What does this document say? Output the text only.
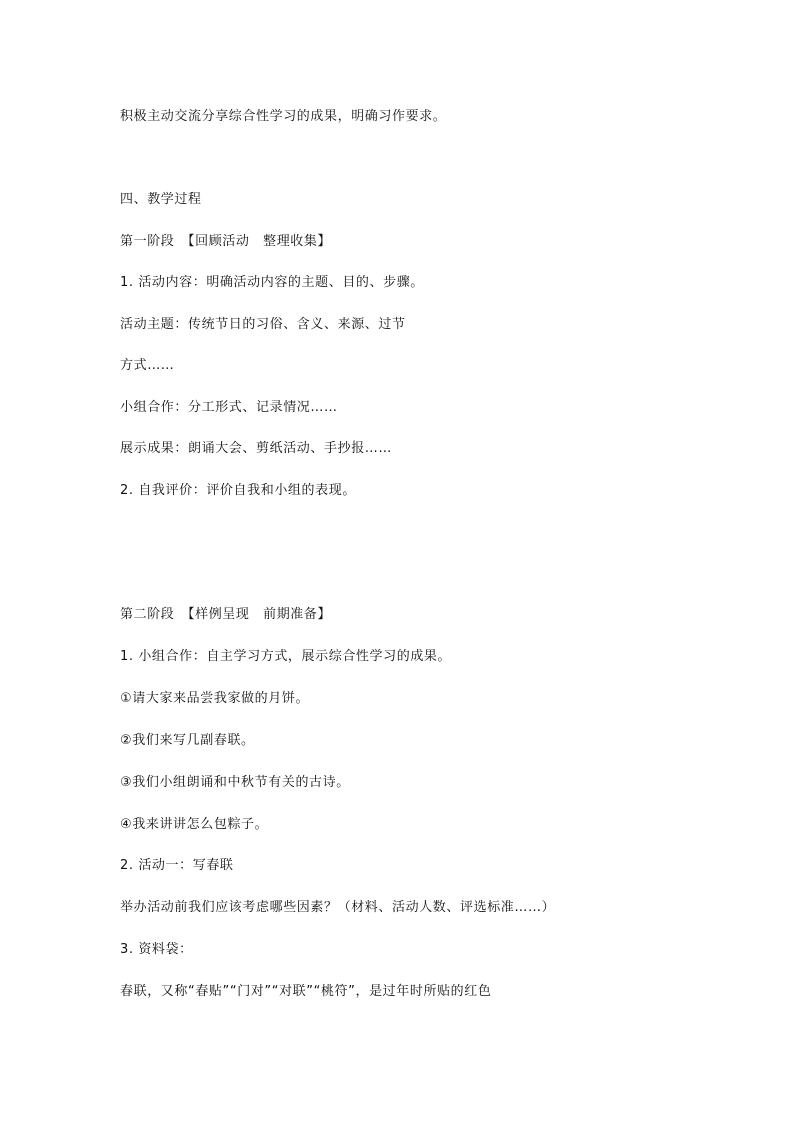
积极主动交流分享综合性学习的成果，明确习作要求。
四、教学过程
第一阶段　【回顾活动　整理收集】
1. 活动内容：明确活动内容的主题、目的、步骤。
活动主题：传统节日的习俗、含义、来源、过节
方式……
小组合作：分工形式、记录情况……
展示成果：朗诵大会、剪纸活动、手抄报……
2. 自我评价：评价自我和小组的表现。
第二阶段　【样例呈现　前期准备】
1. 小组合作：自主学习方式，展示综合性学习的成果。
①请大家来品尝我家做的月饼。
②我们来写几副春联。
③我们小组朗诵和中秋节有关的古诗。
④我来讲讲怎么包粽子。
2. 活动一：写春联
举办活动前我们应该考虑哪些因素？（材料、活动人数、评选标准……）
3. 资料袋：
春联，又称“春贴”“门对”“对联”“桃符”，是过年时所贴的红色
